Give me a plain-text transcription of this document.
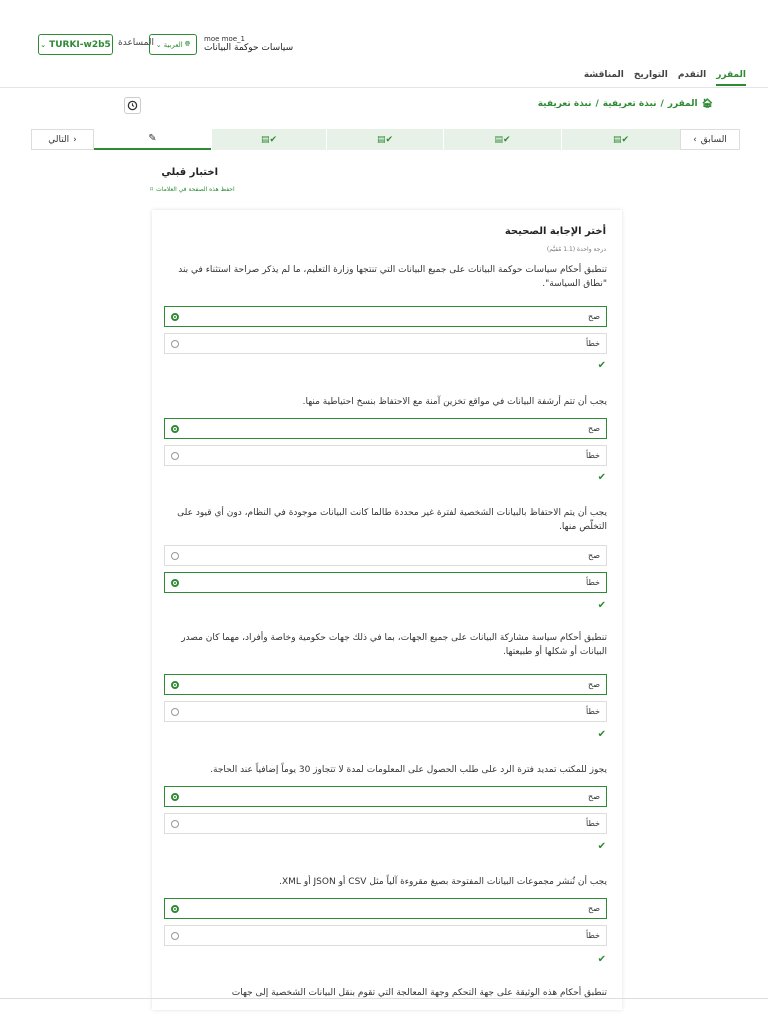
⌄ TURKI-w2b5 المساعدة ⌄ العربية 🌐︎
moe moe_1
سياسات حوكمة البيانات
المقرر
التقدم
التواريخ
المناقشة
🏠︎
المقرر
/
نبذة تعريفية
/
نبذة تعريفية
التالي ›	✎	▤✔	▤✔	▤✔	▤✔	‹ السابق
اختبار قبلي
⌑ احفظ هذه الصفحة في العلامات
أختر الإجابة الصحيحة
درجة واحدة (1.1 مُقيَّم)
تنطبق أحكام سياسات حوكمة البيانات على جميع البيانات التي تنتجها وزارة التعليم، ما لم يذكر صراحة استثناء في بند "نطاق السياسة".
صح
خطأ
✔
يجب أن تتم أرشفة البيانات في مواقع تخزين آمنة مع الاحتفاظ بنسخ احتياطية منها.
صح
خطأ
✔
يجب أن يتم الاحتفاظ بالبيانات الشخصية لفترة غير محددة طالما كانت البيانات موجودة في النظام، دون أي قيود على التخلّص منها.
صح
خطأ
✔
تنطبق أحكام سياسة مشاركة البيانات على جميع الجهات، بما في ذلك جهات حكومية وخاصة وأفراد، مهما كان مصدر البيانات أو شكلها أو طبيعتها.
صح
خطأ
✔
يجوز للمكتب تمديد فترة الرد على طلب الحصول على المعلومات لمدة لا تتجاوز 30 يوماً إضافياً عند الحاجة.
صح
خطأ
✔
يجب أن تُنشر مجموعات البيانات المفتوحة بصيغ مقروءة آلياً مثل CSV أو JSON أو XML.
صح
خطأ
✔
تنطبق أحكام هذه الوثيقة على جهة التحكم وجهة المعالجة التي تقوم بنقل البيانات الشخصية إلى جهات
